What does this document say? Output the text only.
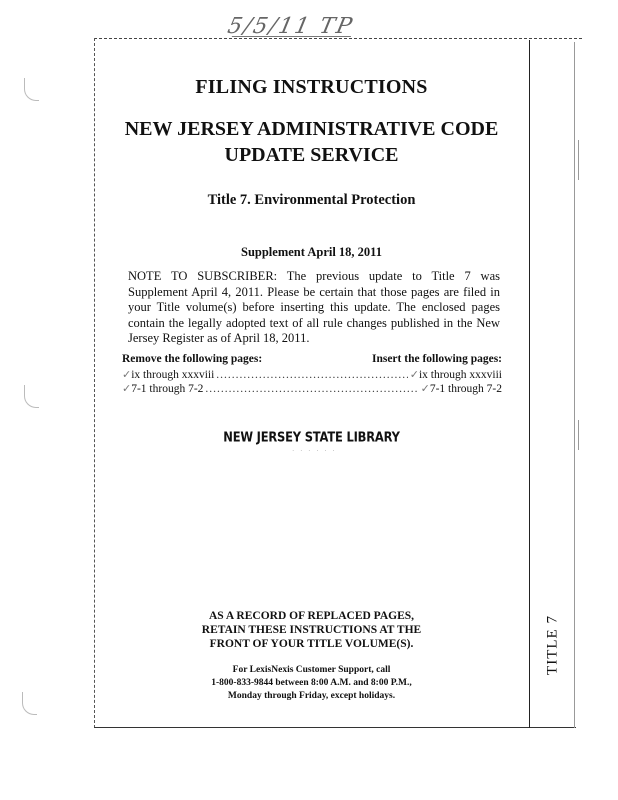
5/5/11 TP
FILING INSTRUCTIONS
NEW JERSEY ADMINISTRATIVE CODE
UPDATE SERVICE
Title 7. Environmental Protection
Supplement April 18, 2011
NOTE TO SUBSCRIBER: The previous update to Title 7 was Supplement April 4, 2011. Please be certain that those pages are filed in your Title volume(s) before inserting this update. The enclosed pages contain the legally adopted text of all rule changes published in the New Jersey Register as of April 18, 2011.
Remove the following pages:	Insert the following pages:
✓ ix through xxxviii .....	✓ ix through xxxviii
✓ 7-1 through 7-2 .....	✓ 7-1 through 7-2
NEW JERSEY STATE LIBRARY
· · · · · ·
AS A RECORD OF REPLACED PAGES,
RETAIN THESE INSTRUCTIONS AT THE
FRONT OF YOUR TITLE VOLUME(S).
For LexisNexis Customer Support, call
1-800-833-9844 between 8:00 A.M. and 8:00 P.M.,
Monday through Friday, except holidays.
TITLE 7
